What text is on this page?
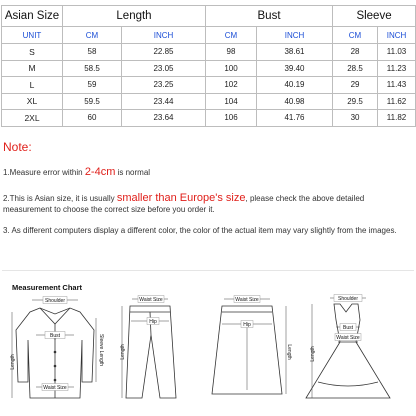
Asian Size	Length		Bust		Sleeve	
UNIT	CM	INCH	CM	INCH	CM	INCH
S	58	22.85	98	38.61	28	11.03
M	58.5	23.05	100	39.40	28.5	11.23
L	59	23.25	102	40.19	29	11.43
XL	59.5	23.44	104	40.98	29.5	11.62
2XL	60	23.64	106	41.76	30	11.82
Note:
1.Measure error within 2-4cm is normal
2.This is Asian size, it is usually smaller than Europe's size, please check the above detailed measurement to choose the correct size before you order it.
3. As different computers display a different color, the color of the actual item may vary slightly from the images.
Measurement Chart
Shoulder
Bust
Waist Size
Length	Sleeve Length
Waist Size
Hip
Length
Waist Size
Hip
Length
Shoulder
Bust
Waist Size
Length
